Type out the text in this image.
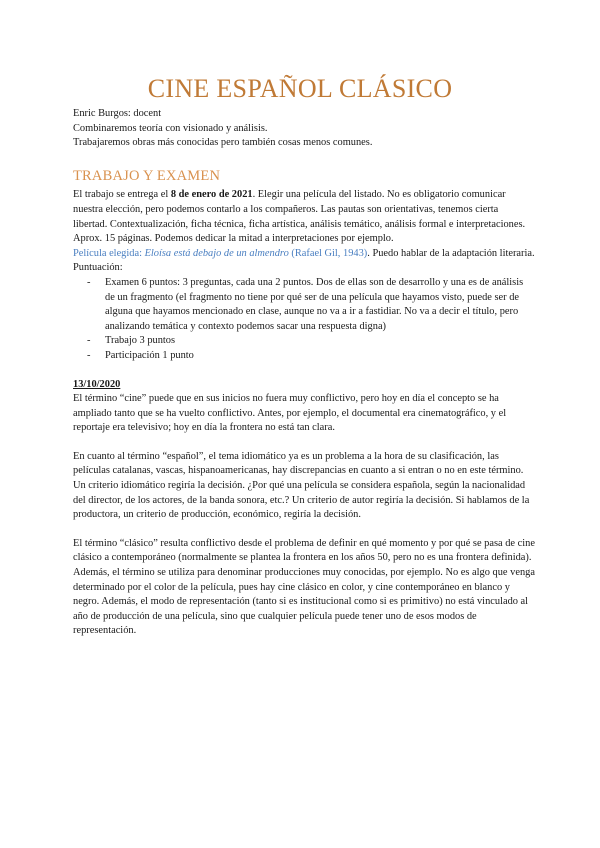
CINE ESPAÑOL CLÁSICO

Enric Burgos: docent

Combinaremos teoría con visionado y análisis.

Trabajaremos obras más conocidas pero también cosas menos comunes.

TRABAJO Y EXAMEN

El trabajo se entrega el 8 de enero de 2021. Elegir una película del listado. No es obligatorio comunicar nuestra elección, pero podemos contarlo a los compañeros. Las pautas son orientativas, tenemos cierta libertad. Contextualización, ficha técnica, ficha artística, análisis temático, análisis formal e interpretaciones. Aprox. 15 páginas. Podemos dedicar la mitad a interpretaciones por ejemplo.

Película elegida: Eloísa está debajo de un almendro (Rafael Gil, 1943). Puedo hablar de la adaptación literaria.

Puntuación:

- Examen 6 puntos: 3 preguntas, cada una 2 puntos. Dos de ellas son de desarrollo y una es de análisis de un fragmento (el fragmento no tiene por qué ser de una película que hayamos visto, puede ser de alguna que hayamos mencionado en clase, aunque no va a ir a fastidiar. No va a decir el título, pero analizando temática y contexto podemos sacar una respuesta digna)
- Trabajo 3 puntos
- Participación 1 punto

13/10/2020

El término “cine” puede que en sus inicios no fuera muy conflictivo, pero hoy en día el concepto se ha ampliado tanto que se ha vuelto conflictivo. Antes, por ejemplo, el documental era cinematográfico, y el reportaje era televisivo; hoy en día la frontera no está tan clara.

En cuanto al término “español”, el tema idiomático ya es un problema a la hora de su clasificación, las películas catalanas, vascas, hispanoamericanas, hay discrepancias en cuanto a si entran o no en este término. Un criterio idiomático regiría la decisión. ¿Por qué una película se considera española, según la nacionalidad del director, de los actores, de la banda sonora, etc.? Un criterio de autor regiría la decisión. Si hablamos de la productora, un criterio de producción, económico, regiría la decisión.

El término “clásico” resulta conflictivo desde el problema de definir en qué momento y por qué se pasa de cine clásico a contemporáneo (normalmente se plantea la frontera en los años 50, pero no es una frontera definida). Además, el término se utiliza para denominar producciones muy conocidas, por ejemplo. No es algo que venga determinado por el color de la película, pues hay cine clásico en color, y cine contemporáneo en blanco y negro. Además, el modo de representación (tanto si es institucional como si es primitivo) no está vinculado al año de producción de una película, sino que cualquier película puede tener uno de esos modos de representación.
